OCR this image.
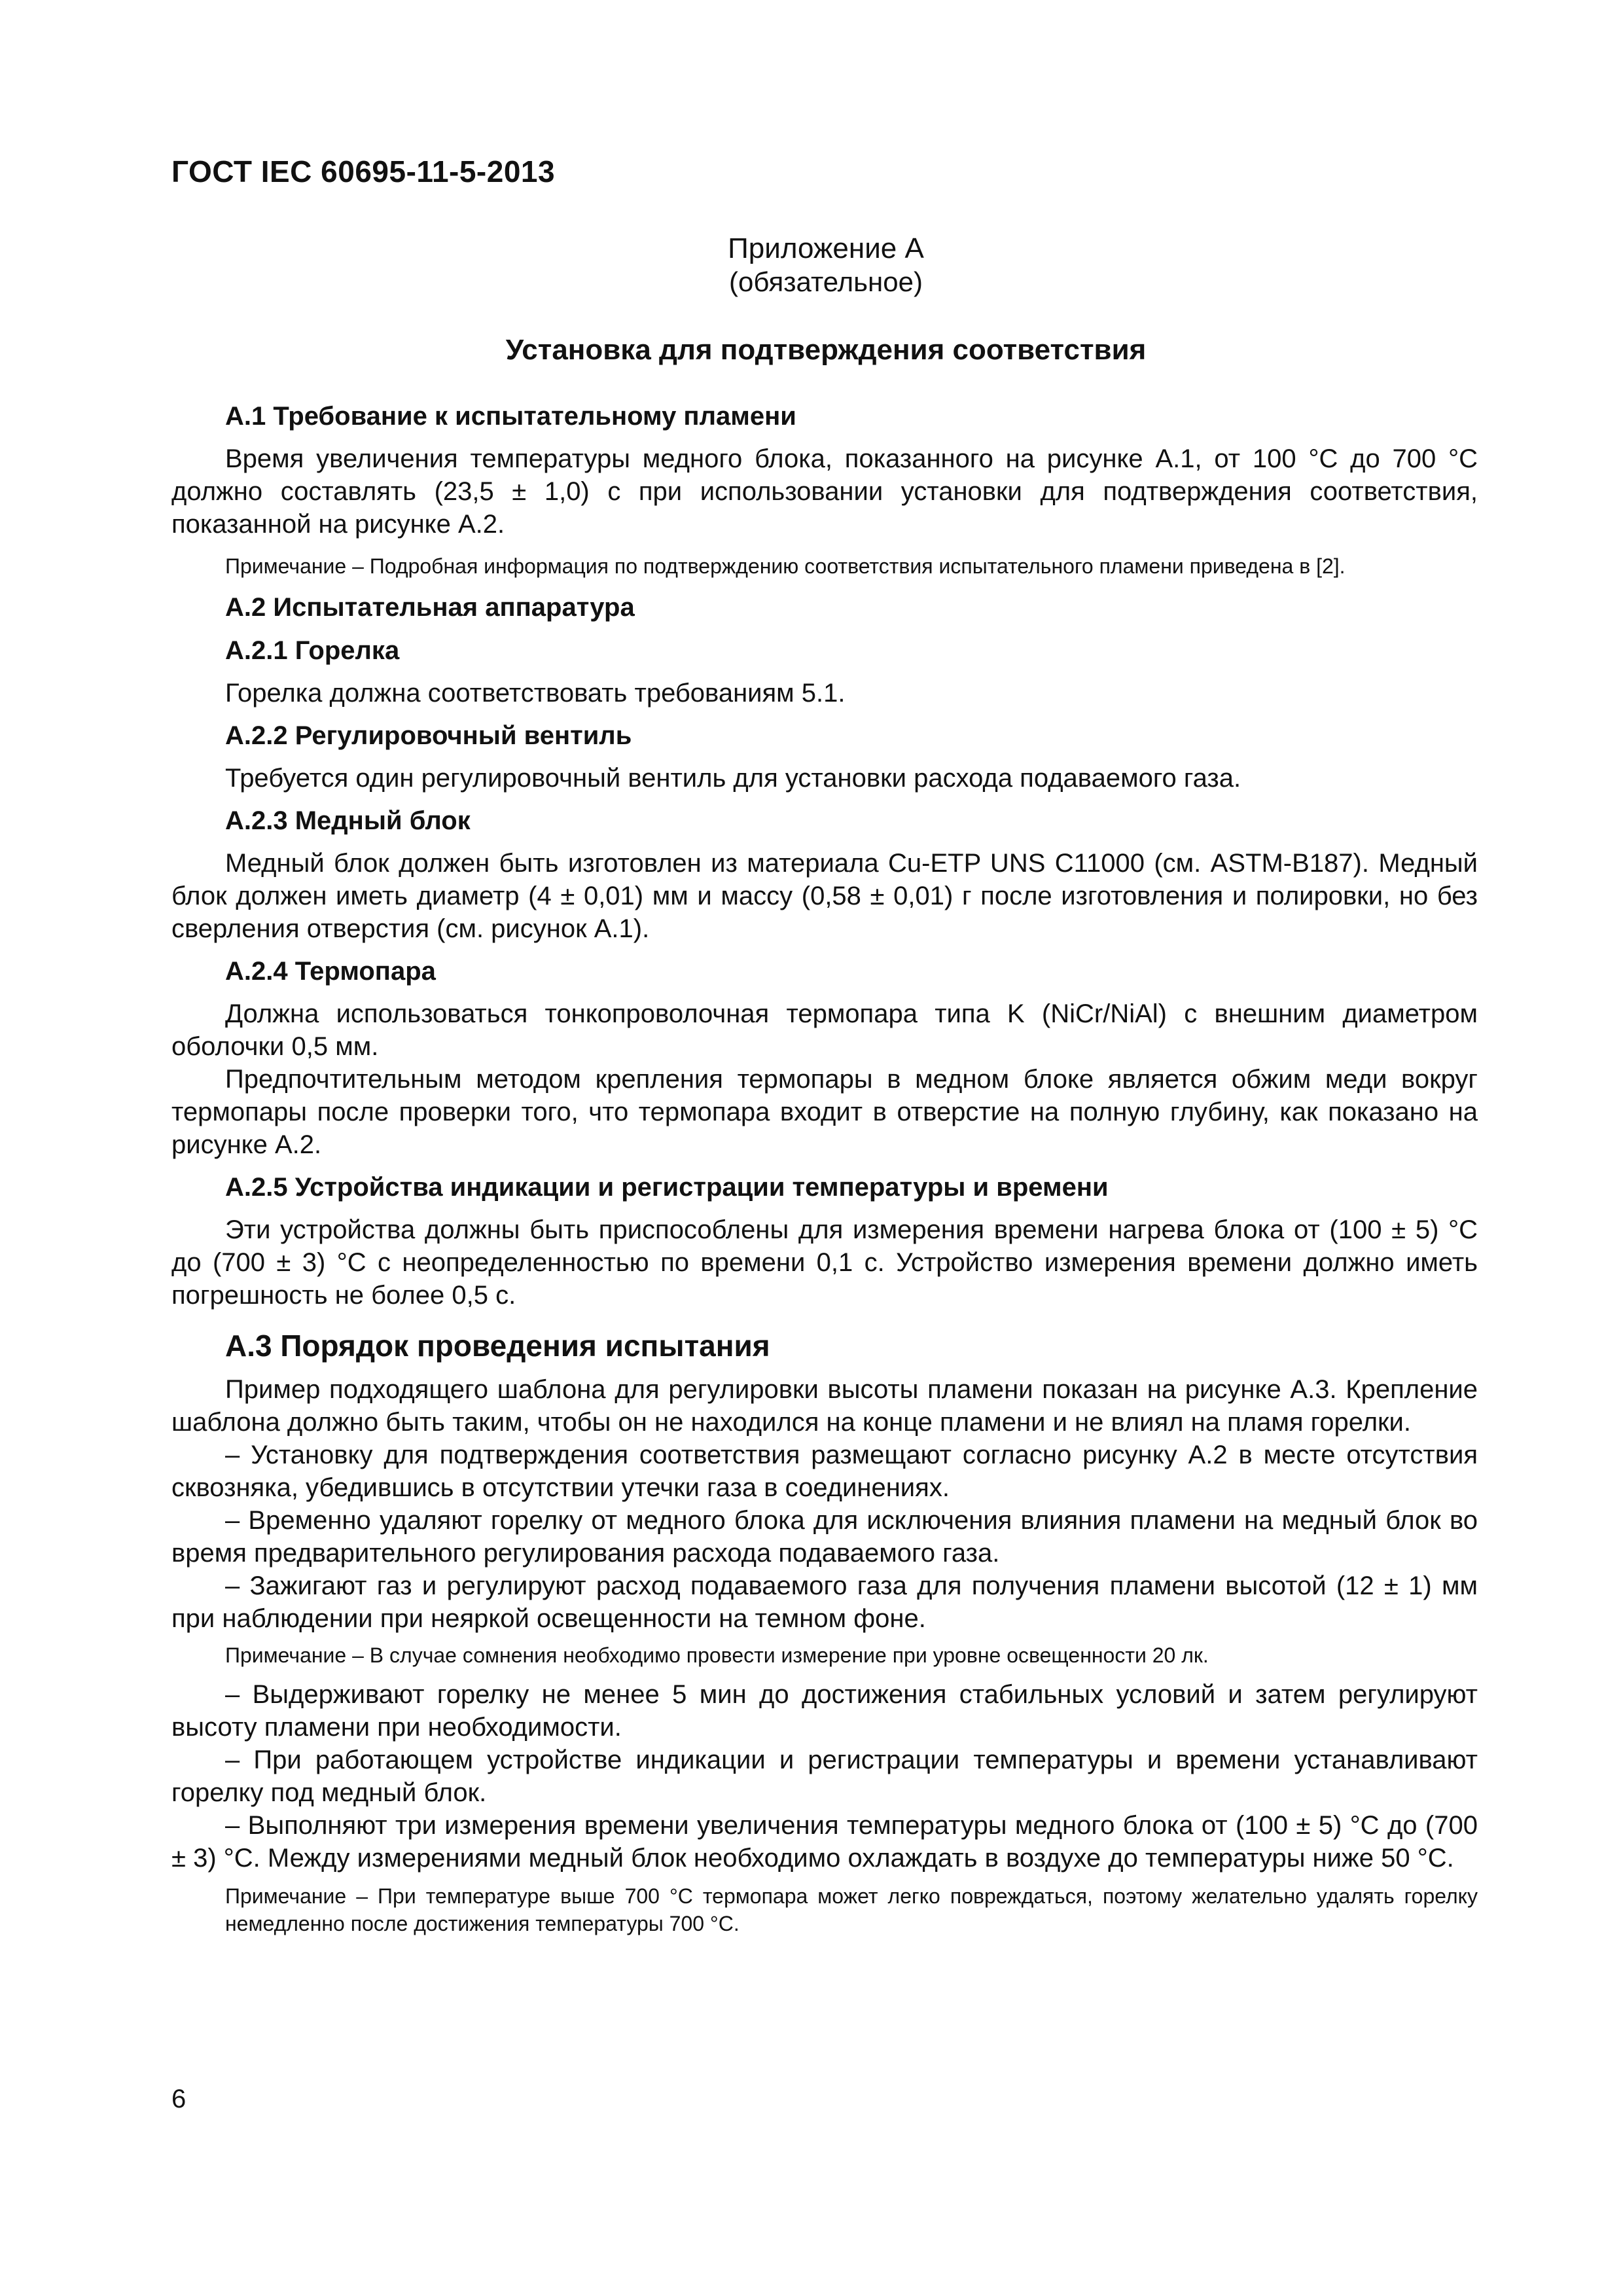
ГОСТ IEC 60695-11-5-2013
Приложение А
(обязательное)
Установка для подтверждения соответствия
А.1 Требование к испытательному пламени

Время увеличения температуры медного блока, показанного на рисунке А.1, от 100 °С до 700 °С должно составлять (23,5 ± 1,0) с при использовании установки для подтверждения соответствия, показанной на рисунке А.2.

Примечание – Подробная информация по подтверждению соответствия испытательного пламени приведена в [2].

А.2 Испытательная аппаратура
А.2.1 Горелка

Горелка должна соответствовать требованиям 5.1.

А.2.2 Регулировочный вентиль

Требуется один регулировочный вентиль для установки расхода подаваемого газа.

А.2.3 Медный блок

Медный блок должен быть изготовлен из материала Cu-ETP UNS C11000 (см. ASTM-B187). Медный блок должен иметь диаметр (4 ± 0,01) мм и массу (0,58 ± 0,01) г после изготовления и полировки, но без сверления отверстия (см. рисунок А.1).

А.2.4 Термопара

Должна использоваться тонкопроволочная термопара типа K (NiCr/NiAl) с внешним диаметром оболочки 0,5 мм.

Предпочтительным методом крепления термопары в медном блоке является обжим меди вокруг термопары после проверки того, что термопара входит в отверстие на полную глубину, как показано на рисунке А.2.

А.2.5 Устройства индикации и регистрации температуры и времени

Эти устройства должны быть приспособлены для измерения времени нагрева блока от (100 ± 5) °С до (700 ± 3) °С с неопределенностью по времени 0,1 с. Устройство измерения времени должно иметь погрешность не более 0,5 с.

А.3 Порядок проведения испытания

Пример подходящего шаблона для регулировки высоты пламени показан на рисунке А.3. Крепление шаблона должно быть таким, чтобы он не находился на конце пламени и не влиял на пламя горелки.

– Установку для подтверждения соответствия размещают согласно рисунку А.2 в месте отсутствия сквозняка, убедившись в отсутствии утечки газа в соединениях.

– Временно удаляют горелку от медного блока для исключения влияния пламени на медный блок во время предварительного регулирования расхода подаваемого газа.

– Зажигают газ и регулируют расход подаваемого газа для получения пламени высотой (12 ± 1) мм при наблюдении при неяркой освещенности на темном фоне.

Примечание – В случае сомнения необходимо провести измерение при уровне освещенности 20 лк.

– Выдерживают горелку не менее 5 мин до достижения стабильных условий и затем регулируют высоту пламени при необходимости.

– При работающем устройстве индикации и регистрации температуры и времени устанавливают горелку под медный блок.

– Выполняют три измерения времени увеличения температуры медного блока от (100 ± 5) °С до (700 ± 3) °С. Между измерениями медный блок необходимо охлаждать в воздухе до температуры ниже 50 °С.

Примечание – При температуре выше 700 °С термопара может легко повреждаться, поэтому желательно удалять горелку немедленно после достижения температуры 700 °С.

6
